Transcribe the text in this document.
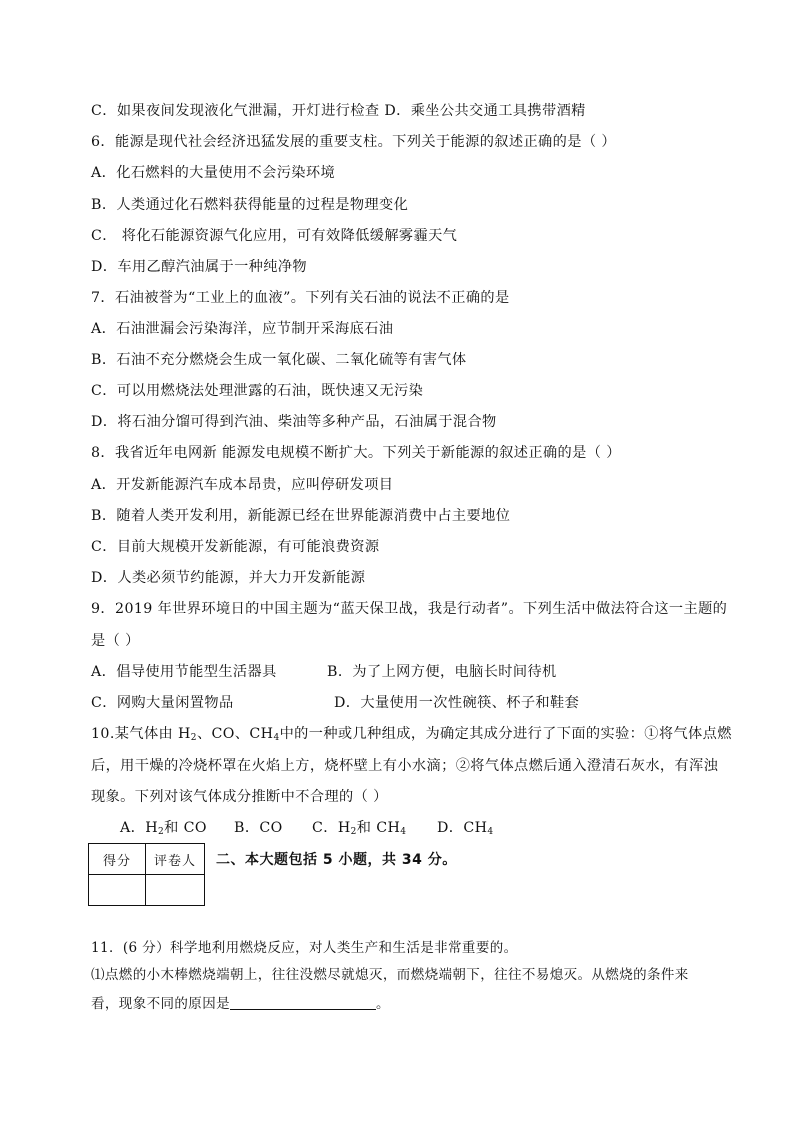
C．如果夜间发现液化气泄漏，开灯进行检查 D．乘坐公共交通工具携带酒精
6．能源是现代社会经济迅猛发展的重要支柱。下列关于能源的叙述正确的是（ ）
A．化石燃料的大量使用不会污染环境
B．人类通过化石燃料获得能量的过程是物理变化
C． 将化石能源资源气化应用，可有效降低缓解雾霾天气
D．车用乙醇汽油属于一种纯净物
7．石油被誉为“工业上的血液”。下列有关石油的说法不正确的是
A．石油泄漏会污染海洋，应节制开采海底石油
B．石油不充分燃烧会生成一氧化碳、二氧化硫等有害气体
C．可以用燃烧法处理泄露的石油，既快速又无污染
D．将石油分馏可得到汽油、柴油等多种产品，石油属于混合物
8．我省近年电网新 能源发电规模不断扩大。下列关于新能源的叙述正确的是（ ）
A．开发新能源汽车成本昂贵，应叫停研发项目
B．随着人类开发利用，新能源已经在世界能源消费中占主要地位
C．目前大规模开发新能源，有可能浪费资源
D．人类必须节约能源，并大力开发新能源
9．2019 年世界环境日的中国主题为“蓝天保卫战，我是行动者”。下列生活中做法符合这一主题的
是（ ）
A．倡导使用节能型生活器具	B．为了上网方便，电脑长时间待机
C．网购大量闲置物品	D．大量使用一次性碗筷、杯子和鞋套
10.某气体由 $H_2$、CO、$CH_4$中的一种或几种组成，为确定其成分进行了下面的实验：①将气体点燃
后，用干燥的冷烧杯罩在火焰上方，烧杯壁上有小水滴；②将气体点燃后通入澄清石灰水，有浑浊
现象。下列对该气体成分推断中不合理的（ ）
A．$H_2$和 CO B．CO C．$H_2$和 $CH_4$ D．$CH_4$
得分	评卷人
	二、本大题包括 5 小题，共 34 分。
11．(6 分）科学地利用燃烧反应，对人类生产和生活是非常重要的。
⑴点燃的小木棒燃烧端朝上，往往没燃尽就熄灭，而燃烧端朝下，往往不易熄灭。从燃烧的条件来
看，现象不同的原因是	。
